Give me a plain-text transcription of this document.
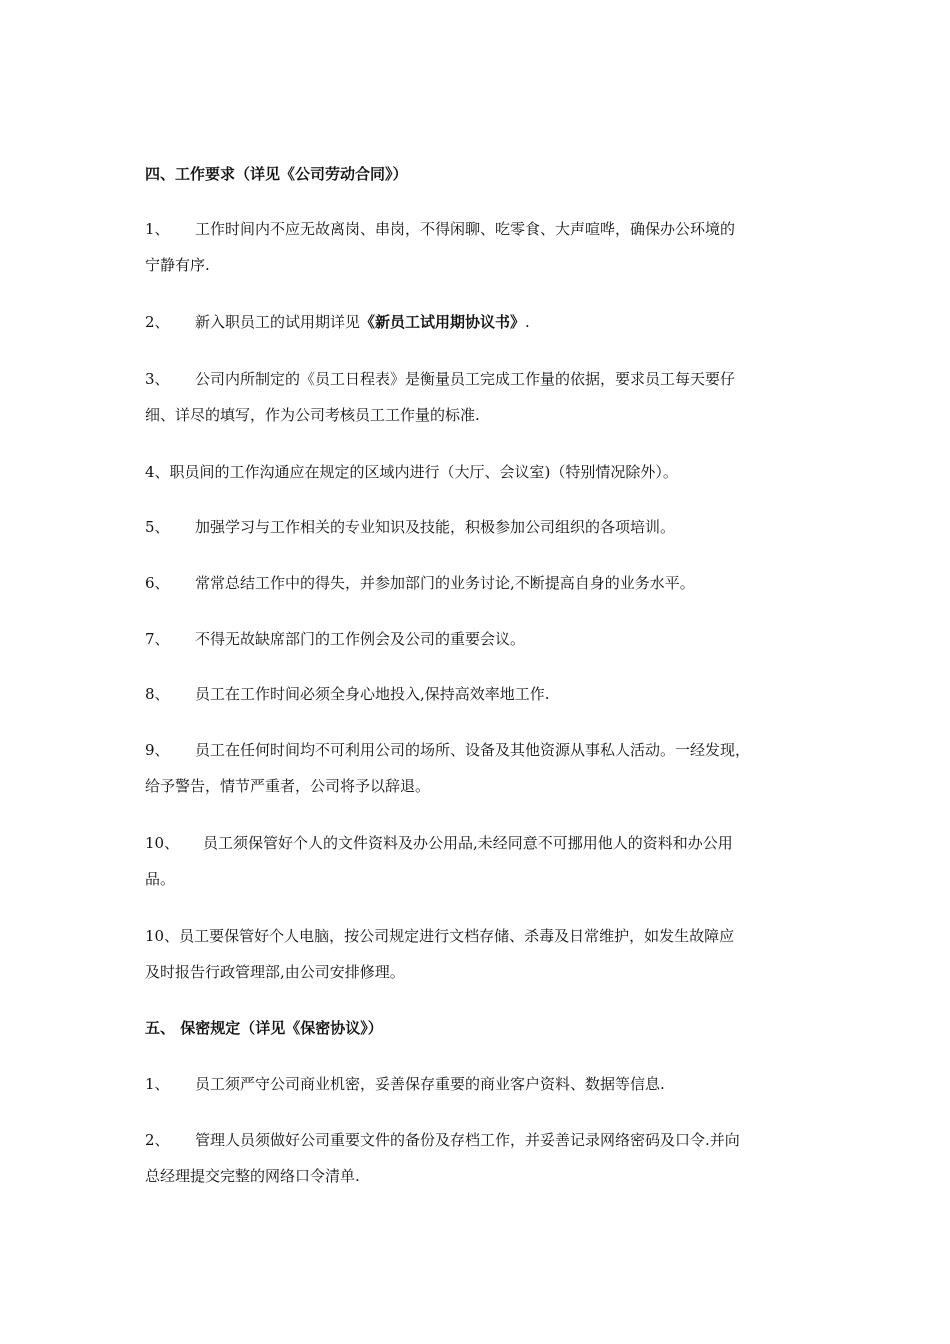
四、工作要求（详见《公司劳动合同》）
1、 工作时间内不应无故离岗、串岗，不得闲聊、吃零食、大声喧哗，确保办公环境的
宁静有序.
2、 新入职员工的试用期详见《新员工试用期协议书》.
3、 公司内所制定的《员工日程表》是衡量员工完成工作量的依据，要求员工每天要仔
细、详尽的填写，作为公司考核员工工作量的标准.
4、职员间的工作沟通应在规定的区域内进行（大厅、会议室)（特别情况除外）。
5、 加强学习与工作相关的专业知识及技能，积极参加公司组织的各项培训。
6、 常常总结工作中的得失，并参加部门的业务讨论,不断提高自身的业务水平。
7、 不得无故缺席部门的工作例会及公司的重要会议。
8、 员工在工作时间必须全身心地投入,保持高效率地工作.
9、 员工在任何时间均不可利用公司的场所、设备及其他资源从事私人活动。一经发现，
给予警告，情节严重者，公司将予以辞退。
10、 员工须保管好个人的文件资料及办公用品,未经同意不可挪用他人的资料和办公用
品。
10、员工要保管好个人电脑，按公司规定进行文档存储、杀毒及日常维护，如发生故障应
及时报告行政管理部,由公司安排修理。
五、 保密规定（详见《保密协议》）
1、 员工须严守公司商业机密，妥善保存重要的商业客户资料、数据等信息.
2、 管理人员须做好公司重要文件的备份及存档工作，并妥善记录网络密码及口令.并向
总经理提交完整的网络口令清单.
